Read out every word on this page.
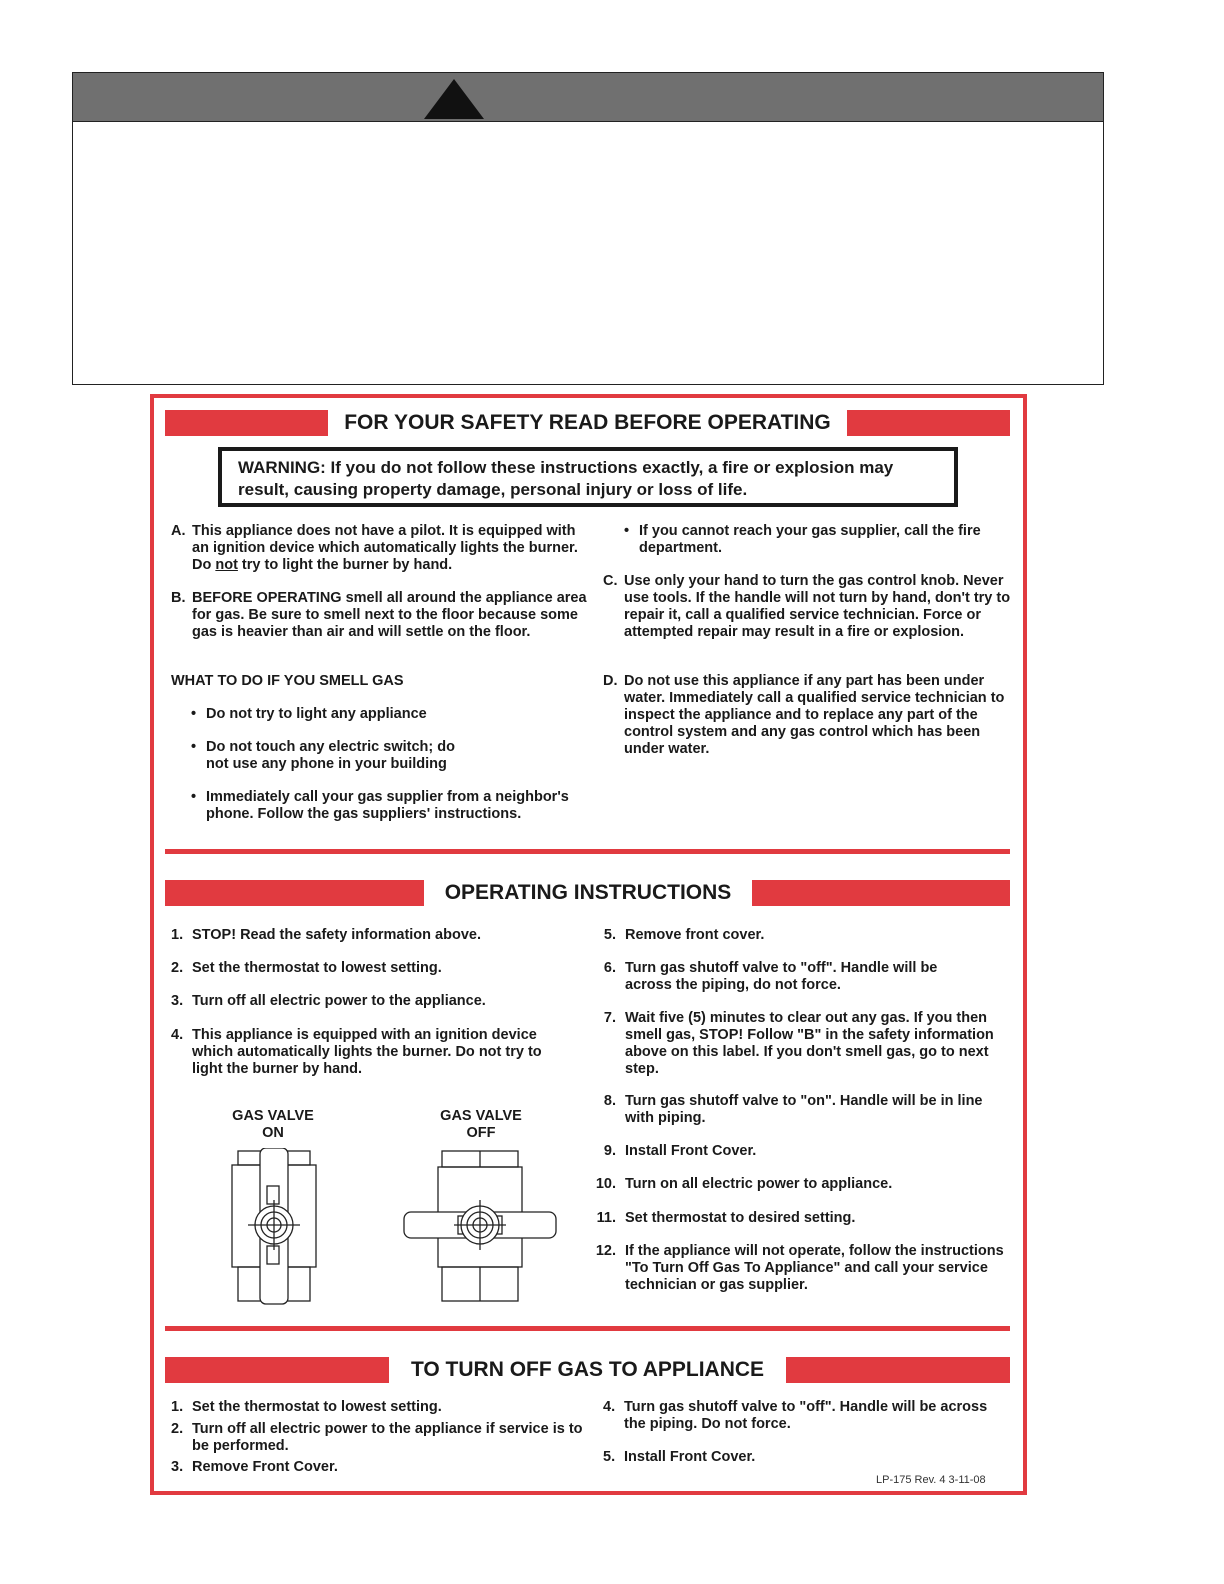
FOR YOUR SAFETY READ BEFORE OPERATING
WARNING: If you do not follow these instructions exactly, a fire or explosion may
result, causing property damage, personal injury or loss of life.
A. This appliance does not have a pilot. It is equipped with an ignition device which automatically lights the burner. Do not try to light the burner by hand.
B. BEFORE OPERATING smell all around the appliance area for gas. Be sure to smell next to the floor because some gas is heavier than air and will settle on the floor.
WHAT TO DO IF YOU SMELL GAS
• Do not try to light any appliance
• Do not touch any electric switch; do not use any phone in your building
• Immediately call your gas supplier from a neighbor's phone. Follow the gas suppliers' instructions.
• If you cannot reach your gas supplier, call the fire department.
C. Use only your hand to turn the gas control knob. Never use tools. If the handle will not turn by hand, don't try to repair it, call a qualified service technician. Force or attempted repair may result in a fire or explosion.
D. Do not use this appliance if any part has been under water. Immediately call a qualified service technician to inspect the appliance and to replace any part of the control system and any gas control which has been under water.
OPERATING INSTRUCTIONS
1. STOP! Read the safety information above.
2. Set the thermostat to lowest setting.
3. Turn off all electric power to the appliance.
4. This appliance is equipped with an ignition device which automatically lights the burner. Do not try to light the burner by hand.
GAS VALVE
ON
GAS VALVE
OFF
5. Remove front cover.
6. Turn gas shutoff valve to "off". Handle will be across the piping, do not force.
7. Wait five (5) minutes to clear out any gas. If you then smell gas, STOP! Follow "B" in the safety information above on this label. If you don't smell gas, go to next step.
8. Turn gas shutoff valve to "on". Handle will be in line with piping.
9. Install Front Cover.
10. Turn on all electric power to appliance.
11. Set thermostat to desired setting.
12. If the appliance will not operate, follow the instructions "To Turn Off Gas To Appliance" and call your service technician or gas supplier.
TO TURN OFF GAS TO APPLIANCE
1. Set the thermostat to lowest setting.
2. Turn off all electric power to the appliance if service is to be performed.
3. Remove Front Cover.
4. Turn gas shutoff valve to "off". Handle will be across the piping. Do not force.
5. Install Front Cover.
LP-175 Rev. 4 3-11-08
